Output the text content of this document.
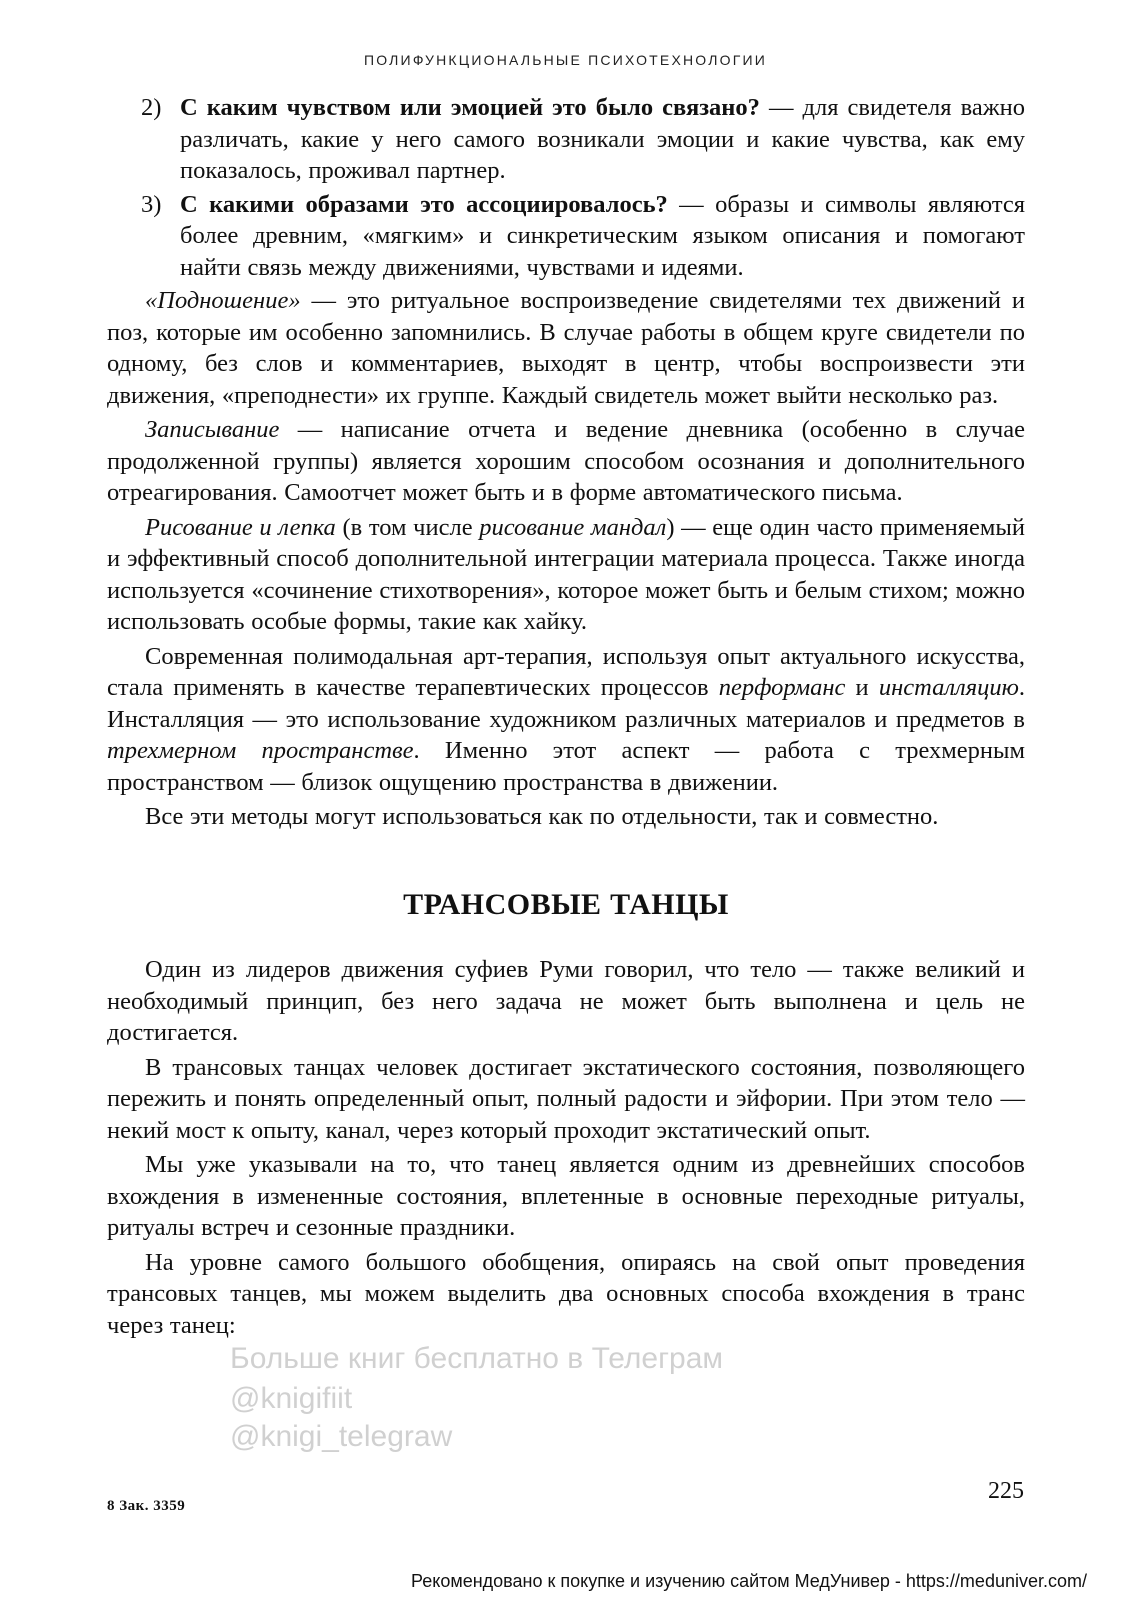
ПОЛИФУНКЦИОНАЛЬНЫЕ ПСИХОТЕХНОЛОГИИ
2) С каким чувством или эмоцией это было связано? — для свидетеля важно различать, какие у него самого возникали эмоции и какие чувства, как ему показалось, проживал партнер.
3) С какими образами это ассоциировалось? — образы и символы являются более древним, «мягким» и синкретическим языком описания и помогают найти связь между движениями, чувствами и идеями.

«Подношение» — это ритуальное воспроизведение свидетелями тех движений и поз, которые им особенно запомнились. В случае работы в общем круге свидетели по одному, без слов и комментариев, выходят в центр, чтобы воспроизвести эти движения, «преподнести» их группе. Каждый свидетель может выйти несколько раз.

Записывание — написание отчета и ведение дневника (особенно в случае продолженной группы) является хорошим способом осознания и дополнительного отреагирования. Самоотчет может быть и в форме автоматического письма.

Рисование и лепка (в том числе рисование мандал) — еще один часто применяемый и эффективный способ дополнительной интеграции материала процесса. Также иногда используется «сочинение стихотворения», которое может быть и белым стихом; можно использовать особые формы, такие как хайку.

Современная полимодальная арт-терапия, используя опыт актуального искусства, стала применять в качестве терапевтических процессов перформанс и инсталляцию. Инсталляция — это использование художником различных материалов и предметов в трехмерном пространстве. Именно этот аспект — работа с трехмерным пространством — близок ощущению пространства в движении.

Все эти методы могут использоваться как по отдельности, так и совместно.

ТРАНСОВЫЕ ТАНЦЫ

Один из лидеров движения суфиев Руми говорил, что тело — также великий и необходимый принцип, без него задача не может быть выполнена и цель не достигается.

В трансовых танцах человек достигает экстатического состояния, позволяющего пережить и понять определенный опыт, полный радости и эйфории. При этом тело — некий мост к опыту, канал, через который проходит экстатический опыт.

Мы уже указывали на то, что танец является одним из древнейших способов вхождения в измененные состояния, вплетенные в основные переходные ритуалы, ритуалы встреч и сезонные праздники.

На уровне самого большого обобщения, опираясь на свой опыт проведения трансовых танцев, мы можем выделить два основных способа вхождения в транс через танец:

Больше книг бесплатно в Телеграм
@knigifiit
@knigi_telegraw
225
8 Зак. 3359
Рекомендовано к покупке и изучению сайтом МедУнивер - https://meduniver.com/
